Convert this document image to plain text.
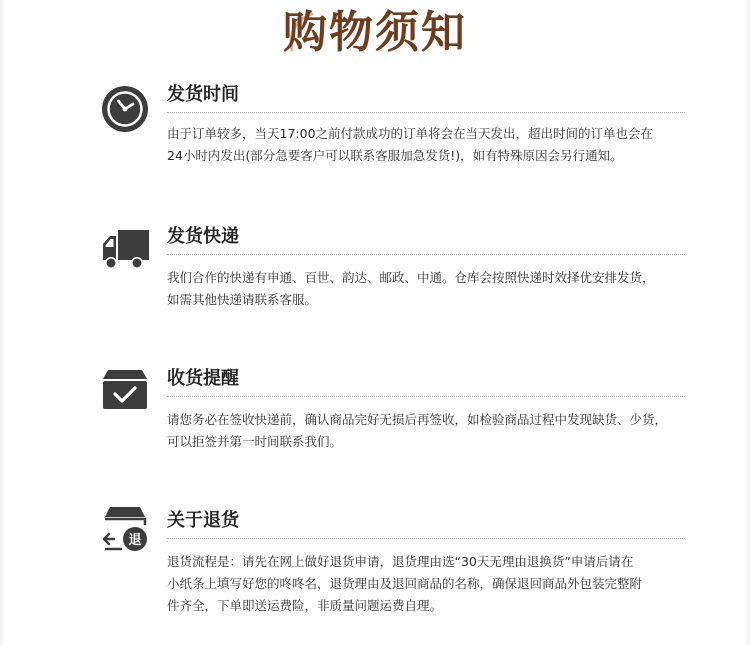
购物须知
发货时间
由于订单较多，当天17:00之前付款成功的订单将会在当天发出，超出时间的订单也会在
24小时内发出(部分急要客户可以联系客服加急发货!)，如有特殊原因会另行通知。
发货快递
我们合作的快递有申通、百世、韵达、邮政、中通。仓库会按照快递时效择优安排发货，
如需其他快递请联系客服。
收货提醒
请您务必在签收快递前，确认商品完好无损后再签收，如检验商品过程中发现缺货、少货，
可以拒签并第一时间联系我们。
退
关于退货
退货流程是：请先在网上做好退货申请，退货理由选“30天无理由退换货”申请后请在
小纸条上填写好您的咚咚名，退货理由及退回商品的名称，确保退回商品外包装完整附
件齐全，下单即送运费险，非质量问题运费自理。
